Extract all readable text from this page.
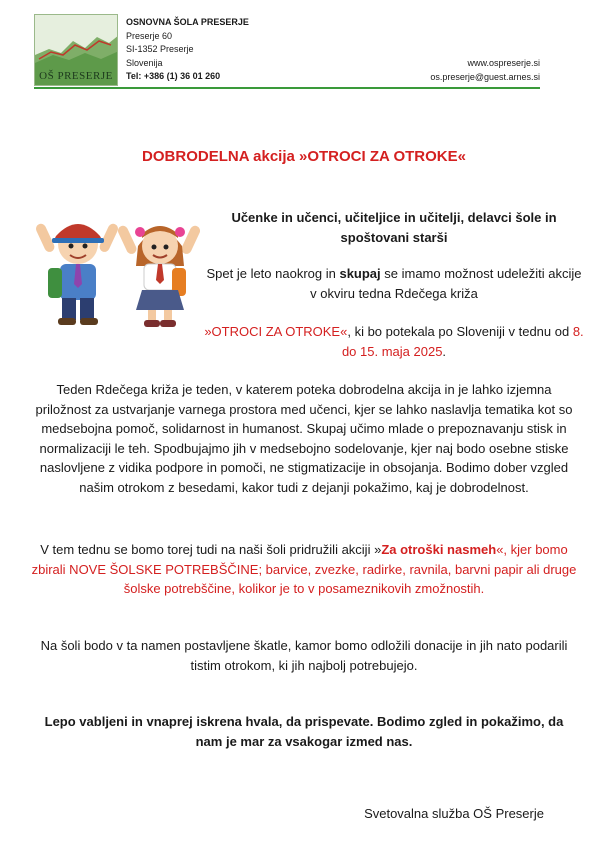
OŠ PRESERJE
OSNOVNA ŠOLA PRESERJE
Preserje 60
SI-1352 Preserje
Slovenija
Tel: +386 (1) 36 01 260
www.ospreserje.si
os.preserje@guest.arnes.si
DOBRODELNA akcija »OTROCI ZA OTROKE«
Učenke in učenci, učiteljice in učitelji, delavci šole in spoštovani starši
Spet je leto naokrog in skupaj se imamo možnost udeležiti akcije v okviru tedna Rdečega križa
»OTROCI ZA OTROKE«, ki bo potekala po Sloveniji v tednu od 8. do 15. maja 2025.
Teden Rdečega križa je teden, v katerem poteka dobrodelna akcija in je lahko izjemna priložnost za ustvarjanje varnega prostora med učenci, kjer se lahko naslavlja tematika kot so medsebojna pomoč, solidarnost in humanost. Skupaj učimo mlade o prepoznavanju stisk in normalizaciji le teh. Spodbujajmo jih v medsebojno sodelovanje, kjer naj bodo osebne stiske naslovljene z vidika podpore in pomoči, ne stigmatizacije in obsojanja. Bodimo dober vzgled našim otrokom z besedami, kakor tudi z dejanji pokažimo, kaj je dobrodelnost.
V tem tednu se bomo torej tudi na naši šoli pridružili akciji »Za otroški nasmeh«, kjer bomo zbirali NOVE ŠOLSKE POTREBŠČINE; barvice, zvezke, radirke, ravnila, barvni papir ali druge šolske potrebščine, kolikor je to v posameznikovih zmožnostih.
Na šoli bodo v ta namen postavljene škatle, kamor bomo odložili donacije in jih nato podarili tistim otrokom, ki jih najbolj potrebujejo.
Lepo vabljeni in vnaprej iskrena hvala, da prispevate. Bodimo zgled in pokažimo, da nam je mar za vsakogar izmed nas.
Svetovalna služba OŠ Preserje
